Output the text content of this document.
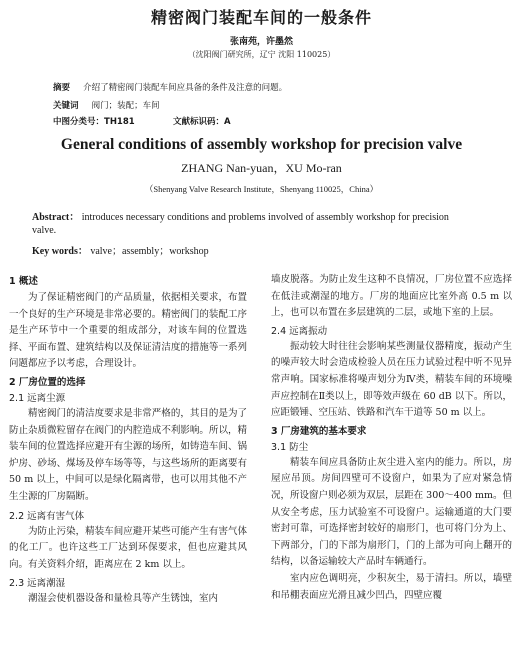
精密阀门装配车间的一般条件
张南苑，许墨然
（沈阳阀门研究所，辽宁 沈阳 110025）
摘要 介绍了精密阀门装配车间应具备的条件及注意的问题。
关键词 阀门；装配；车间
中图分类号：TH181	文献标识码：A
General conditions of assembly workshop for precision valve
ZHANG Nan-yuan，XU Mo-ran
（Shenyang Valve Research Institute，Shenyang 110025，China）
Abstract： introduces necessary conditions and problems involved of assembly workshop for precision
valve.
Key words： valve；assembly；workshop
1 概述

为了保证精密阀门的产品质量，依据相关要求，布置一个良好的生产环境是非常必要的。精密阀门的装配工序是生产环节中一个重要的组成部分，对该车间的位置选择、平面布置、建筑结构以及保证清洁度的措施等一系列问题都应予以考虑，合理设计。

2 厂房位置的选择
2.1 远离尘源

精密阀门的清洁度要求是非常严格的，其目的是为了防止杂质微粒留存在阀门的内腔造成不利影响。所以，精装车间的位置选择应避开有尘源的场所，如铸造车间、锅炉房、砂场、煤场及停车场等等，与这些场所的距离要有 50 m 以上，中间可以是绿化隔离带，也可以用其他不产生尘源的厂房隔断。

2.2 远离有害气体

为防止污染，精装车间应避开某些可能产生有害气体的化工厂。也许这些工厂达到环保要求，但也应避其风向。有关资料介绍，距离应在 2 km 以上。

2.3 远离潮湿

潮湿会使机器设备和量检具等产生锈蚀，室内

墙皮脱落。为防止发生这种不良情况，厂房位置不应选择在低洼或潮湿的地方。厂房的地面应比室外高 0.5 m 以上，也可以布置在多层建筑的二层，或地下室的上层。

2.4 远离振动

振动较大时往往会影响某些测量仪器精度，振动产生的噪声较大时会造成检验人员在压力试验过程中听不见异常声响。国家标准将噪声划分为Ⅳ类，精装车间的环境噪声应控制在Ⅱ类以上，即等效声级在 60 dB 以下。所以，应距锻锤、空压站、铁路和汽车干道等 50 m 以上。

3 厂房建筑的基本要求
3.1 防尘

精装车间应具备防止灰尘进入室内的能力。所以，房屋应吊顶。房间四壁可不设窗户，如果为了应对紧急情况，所设窗户则必须为双层，层距在 300～400 mm。但从安全考虑，压力试验室不可设窗户。运输通道的大门要密封可靠，可选择密封较好的扇形门，也可将门分为上、下两部分，门的下部为扇形门，门的上部为可向上翻开的结构，以备运输较大产品时车辆通行。

室内应色调明亮，少积灰尘，易于清扫。所以，墙壁和吊棚表面应光滑且减少凹凸，四壁应覆
